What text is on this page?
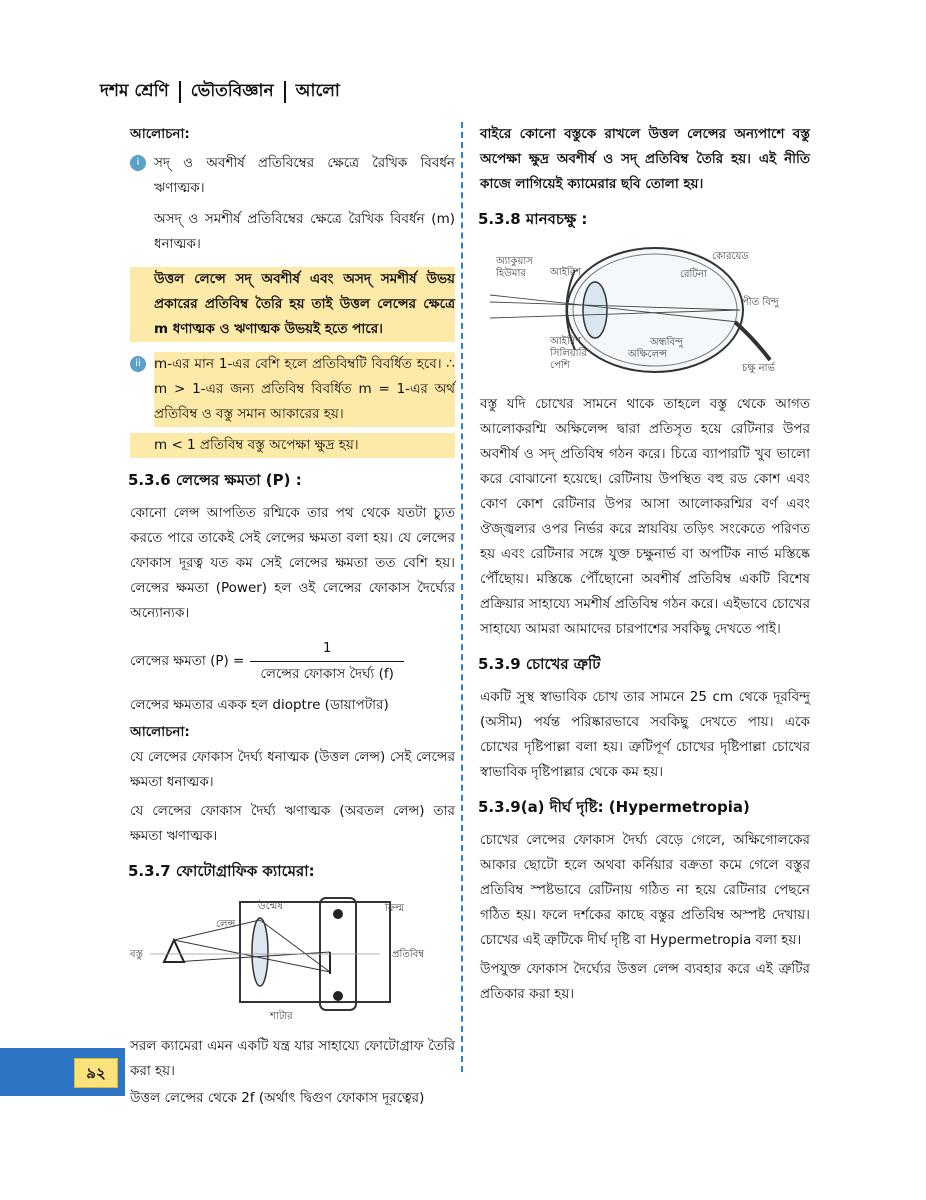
দশম শ্রেণি ভৌতবিজ্ঞান আলো
আলোচনা:
i	সদ্ ও অবশীর্ষ প্রতিবিম্বের ক্ষেত্রে রৈখিক বিবর্ধন ঋণাত্মক।

অসদ্ ও সমশীর্ষ প্রতিবিম্বের ক্ষেত্রে রৈখিক বিবর্ধন (m) ধনাত্মক।

উত্তল লেন্সে সদ্ অবশীর্ষ এবং অসদ্ সমশীর্ষ উভয় প্রকারের প্রতিবিম্ব তৈরি হয় তাই উত্তল লেন্সের ক্ষেত্রে m ধণাত্মক ও ঋণাত্মক উভয়ই হতে পারে।

ii m-এর মান 1-এর বেশি হলে প্রতিবিম্বটি বিবর্ধিত হবে। ∴ m > 1-এর জন্য প্রতিবিম্ব বিবর্ধিত m = 1-এর অর্থ প্রতিবিম্ব ও বস্তু সমান আকারের হয়।

m < 1 প্রতিবিম্ব বস্তু অপেক্ষা ক্ষুদ্র হয়।

5.3.6 লেন্সের ক্ষমতা (P) :

কোনো লেন্স আপতিত রশ্মিকে তার পথ থেকে যতটা চ্যুত করতে পারে তাকেই সেই লেন্সের ক্ষমতা বলা হয়। যে লেন্সের ফোকাস দূরত্ব যত কম সেই লেন্সের ক্ষমতা তত বেশি হয়। লেন্সের ক্ষমতা (Power) হল ওই লেন্সের ফোকাস দৈর্ঘ্যের অন্যোন্যক।

লেন্সের ক্ষমতা $(P) = \frac{1}{\text{লেন্সের ফোকাস দৈর্ঘ্য (f)}}$

লেন্সের ক্ষমতার একক হল dioptre (ডায়াপটার)

আলোচনা:

যে লেন্সের ফোকাস দৈর্ঘ্য ধনাত্মক (উত্তল লেন্স) সেই লেন্সের ক্ষমতা ধনাত্মক।

যে লেন্সের ফোকাস দৈর্ঘ্য ঋণাত্মক (অবতল লেন্স) তার ক্ষমতা ঋণাত্মক।

5.3.7 ফোটোগ্রাফিক ক্যামেরা:
উন্মেষ	ফিল্ম
লেন্স
বস্তু	প্রতিবিম্ব
শাটার

সরল ক্যামেরা এমন একটি যন্ত্র যার সাহায্যে ফোটোগ্রাফ তৈরি করা হয়।

উত্তল লেন্সের থেকে 2f (অর্থাৎ দ্বিগুণ ফোকাস দূরত্বের)

বাইরে কোনো বস্তুকে রাখলে উত্তল লেন্সের অন্যপাশে বস্তু অপেক্ষা ক্ষুদ্র অবশীর্ষ ও সদ্ প্রতিবিম্ব তৈরি হয়। এই নীতি কাজে লাগিয়েই ক্যামেরার ছবি তোলা হয়।

5.3.8 মানবচক্ষু :
কোরয়েড
অ্যাকুয়াস হিউমার	আইরিশ	রেটিনা
পীত বিন্দু
অন্ধবিন্দু
অক্ষিলেন্স
আইরিশ সিলিয়ারি পেশি	চক্ষু নার্ভ

বস্তু যদি চোখের সামনে থাকে তাহলে বস্তু থেকে আগত আলোকরশ্মি অক্ষিলেন্স দ্বারা প্রতিসৃত হয়ে রেটিনার উপর অবশীর্ষ ও সদ্ প্রতিবিম্ব গঠন করে। চিত্রে ব্যাপারটি খুব ভালো করে বোঝানো হয়েছে। রেটিনায় উপস্থিত বহু রড কোশ এবং কোণ কোশ রেটিনার উপর আসা আলোকরশ্মির বর্ণ এবং ঔজ্জ্বল্যর ওপর নির্ভর করে স্নায়বিয় তড়িৎ সংকেতে পরিণত হয় এবং রেটিনার সঙ্গে যুক্ত চক্ষুনার্ভ বা অপটিক নার্ভ মস্তিষ্কে পৌঁছোয়। মস্তিষ্কে পৌঁছোনো অবশীর্ষ প্রতিবিম্ব একটি বিশেষ প্রক্রিয়ার সাহায্যে সমশীর্ষ প্রতিবিম্ব গঠন করে। এইভাবে চোখের সাহায্যে আমরা আমাদের চারপাশের সবকিছু দেখতে পাই।

5.3.9 চোখের ত্রুটি

একটি সুস্থ স্বাভাবিক চোখ তার সামনে 25 cm থেকে দূরবিন্দু (অসীম) পর্যন্ত পরিষ্কারভাবে সবকিছু দেখতে পায়। একে চোখের দৃষ্টিপাল্লা বলা হয়। ত্রুটিপূর্ণ চোখের দৃষ্টিপাল্লা চোখের স্বাভাবিক দৃষ্টিপাল্লার থেকে কম হয়।

5.3.9(a) দীর্ঘ দৃষ্টি: (Hypermetropia)

চোখের লেন্সের ফোকাস দৈর্ঘ্য বেড়ে গেলে, অক্ষিগোলকের আকার ছোটো হলে অথবা কর্নিয়ার বক্রতা কমে গেলে বস্তুর প্রতিবিম্ব স্পষ্টভাবে রেটিনায় গঠিত না হয়ে রেটিনার পেছনে গঠিত হয়। ফলে দর্শকের কাছে বস্তুর প্রতিবিম্ব অস্পষ্ট দেখায়। চোখের এই ত্রুটিকে দীর্ঘ দৃষ্টি বা Hypermetropia বলা হয়।

উপযুক্ত ফোকাস দৈর্ঘ্যের উত্তল লেন্স ব্যবহার করে এই ত্রুটির প্রতিকার করা হয়।

৯২
